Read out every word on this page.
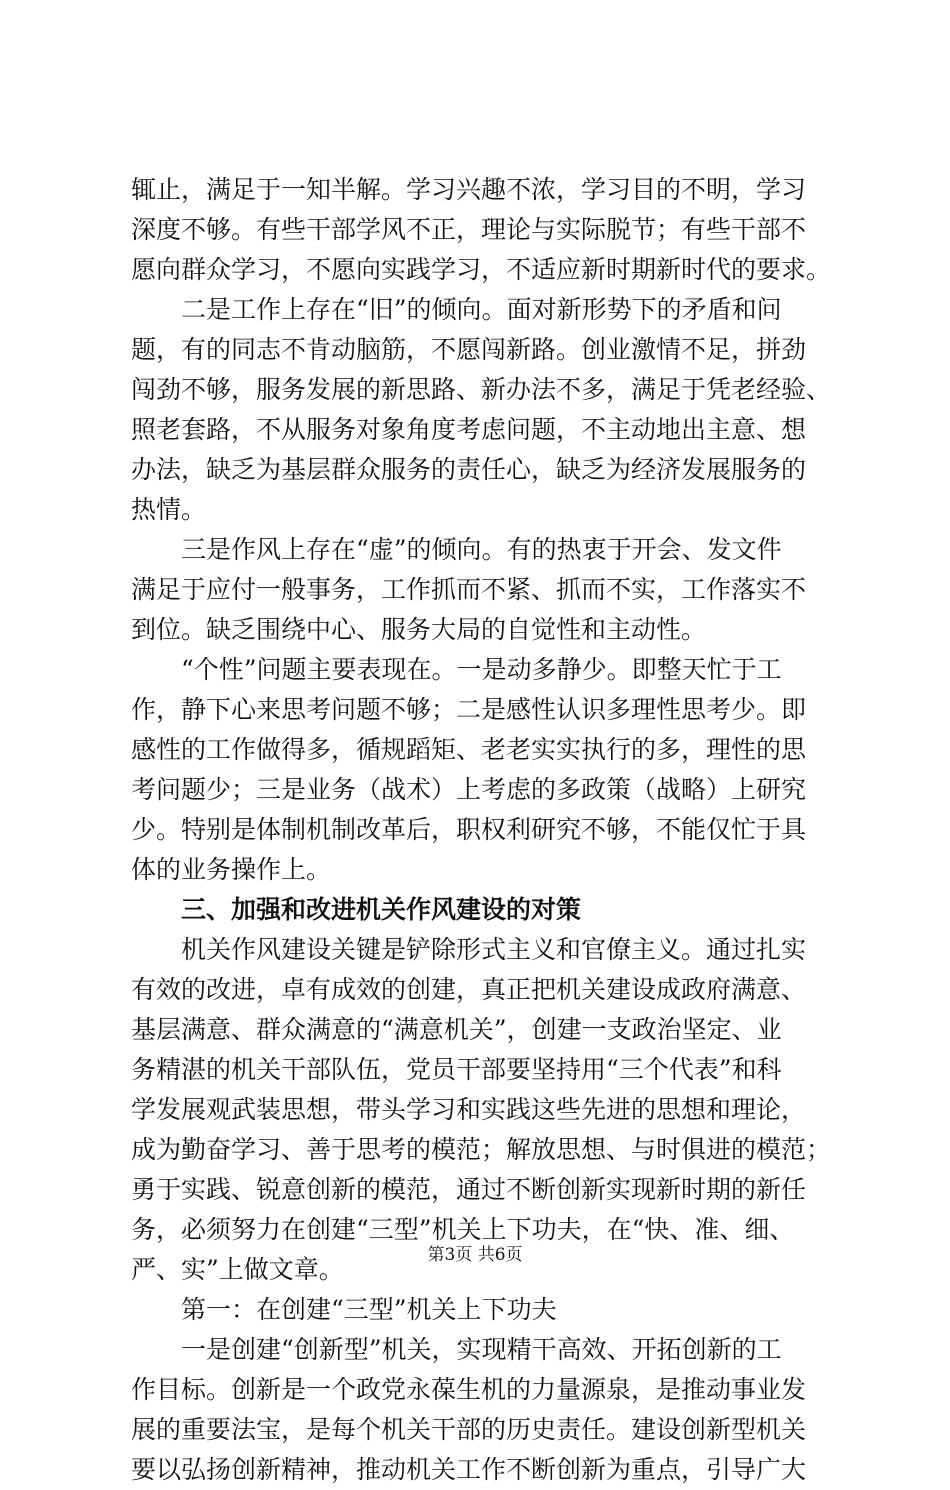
辄止，满足于一知半解。学习兴趣不浓，学习目的不明，学习
深度不够。有些干部学风不正，理论与实际脱节；有些干部不
愿向群众学习，不愿向实践学习，不适应新时期新时代的要求。
二是工作上存在“旧”的倾向。面对新形势下的矛盾和问
题，有的同志不肯动脑筋，不愿闯新路。创业激情不足，拼劲
闯劲不够，服务发展的新思路、新办法不多，满足于凭老经验、
照老套路，不从服务对象角度考虑问题，不主动地出主意、想
办法，缺乏为基层群众服务的责任心，缺乏为经济发展服务的
热情。
三是作风上存在“虚”的倾向。有的热衷于开会、发文件
满足于应付一般事务，工作抓而不紧、抓而不实，工作落实不
到位。缺乏围绕中心、服务大局的自觉性和主动性。
“个性”问题主要表现在。一是动多静少。即整天忙于工
作，静下心来思考问题不够；二是感性认识多理性思考少。即
感性的工作做得多，循规蹈矩、老老实实执行的多，理性的思
考问题少；三是业务（战术）上考虑的多政策（战略）上研究
少。特别是体制机制改革后，职权利研究不够，不能仅忙于具
体的业务操作上。
三、加强和改进机关作风建设的对策
机关作风建设关键是铲除形式主义和官僚主义。通过扎实
有效的改进，卓有成效的创建，真正把机关建设成政府满意、
基层满意、群众满意的“满意机关”，创建一支政治坚定、业
务精湛的机关干部队伍，党员干部要坚持用“三个代表”和科
学发展观武装思想，带头学习和实践这些先进的思想和理论，
成为勤奋学习、善于思考的模范；解放思想、与时俱进的模范；
勇于实践、锐意创新的模范，通过不断创新实现新时期的新任
务，必须努力在创建“三型”机关上下功夫，在“快、准、细、
严、实”上做文章。
第一：在创建“三型”机关上下功夫
一是创建“创新型”机关，实现精干高效、开拓创新的工
作目标。创新是一个政党永葆生机的力量源泉，是推动事业发
展的重要法宝，是每个机关干部的历史责任。建设创新型机关
要以弘扬创新精神，推动机关工作不断创新为重点，引导广大
第3页 共6页
